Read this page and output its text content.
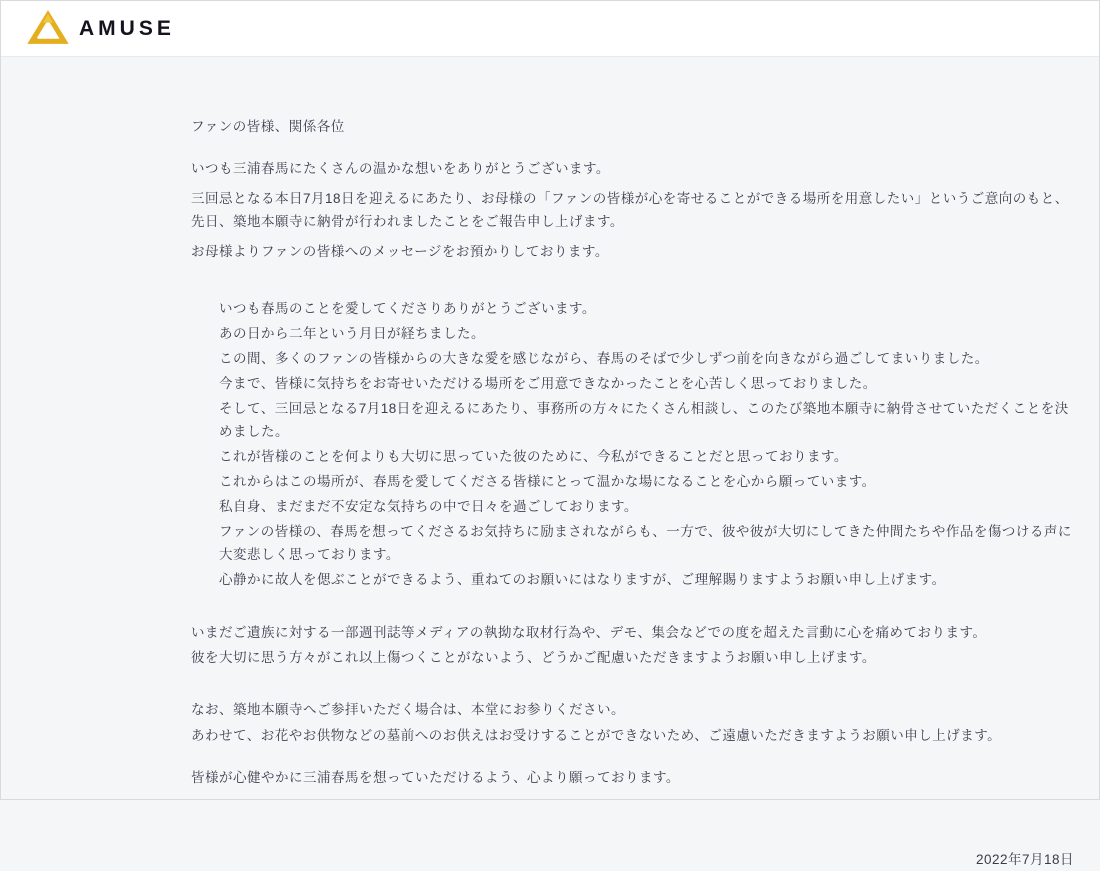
AMUSE

ファンの皆様、関係各位

いつも三浦春馬にたくさんの温かな想いをありがとうございます。

三回忌となる本日7月18日を迎えるにあたり、お母様の「ファンの皆様が心を寄せることができる場所を用意したい」というご意向のもと、　先日、築地本願寺に納骨が行われましたことをご報告申し上げます。

お母様よりファンの皆様へのメッセージをお預かりしております。

いつも春馬のことを愛してくださりありがとうございます。

あの日から二年という月日が経ちました。

この間、多くのファンの皆様からの大きな愛を感じながら、春馬のそばで少しずつ前を向きながら過ごしてまいりました。

今まで、皆様に気持ちをお寄せいただける場所をご用意できなかったことを心苦しく思っておりました。

そして、三回忌となる7月18日を迎えるにあたり、事務所の方々にたくさん相談し、このたび築地本願寺に納骨させていただくことを決めました。

これが皆様のことを何よりも大切に思っていた彼のために、今私ができることだと思っております。

これからはこの場所が、春馬を愛してくださる皆様にとって温かな場になることを心から願っています。

私自身、まだまだ不安定な気持ちの中で日々を過ごしております。

ファンの皆様の、春馬を想ってくださるお気持ちに励まされながらも、一方で、彼や彼が大切にしてきた仲間たちや作品を傷つける声に大変悲しく思っております。

心静かに故人を偲ぶことができるよう、重ねてのお願いにはなりますが、ご理解賜りますようお願い申し上げます。

いまだご遺族に対する一部週刊誌等メディアの執拗な取材行為や、デモ、集会などでの度を超えた言動に心を痛めております。

彼を大切に思う方々がこれ以上傷つくことがないよう、どうかご配慮いただきますようお願い申し上げます。

なお、築地本願寺へご参拝いただく場合は、本堂にお参りください。

あわせて、お花やお供物などの墓前へのお供えはお受けすることができないため、ご遠慮いただきますようお願い申し上げます。

皆様が心健やかに三浦春馬を想っていただけるよう、心より願っております。

2022年7月18日
